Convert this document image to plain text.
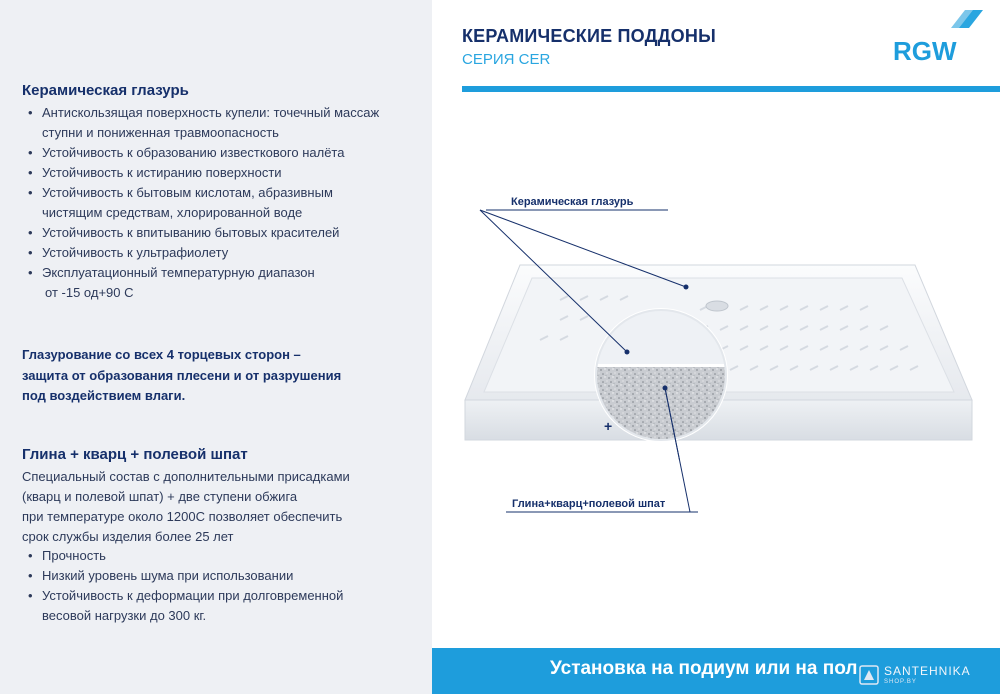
Керамическая глазурь
• Антискользящая поверхность купели: точечный массаж
ступни и пониженная травмоопасность
• Устойчивость к образованию известкового налёта
• Устойчивость к истиранию поверхности
• Устойчивость к бытовым кислотам, абразивным
чистящим средствам, хлорированной воде
• Устойчивость к впитыванию бытовых красителей
• Устойчивость к ультрафиолету
• Эксплуатационный температурную диапазон
от -15 од+90 С
Глазурование со всех 4 торцевых сторон –
защита от образования плесени и от разрушения
под воздействием влаги.
Глина + кварц + полевой шпат
Специальный состав с дополнительными присадками
(кварц и полевой шпат) + две ступени обжига
при температуре около 1200С позволяет обеспечить
срок службы изделия более 25 лет
• Прочность
• Низкий уровень шума при использовании
• Устойчивость к деформации при долговременной
весовой нагрузки до 300 кг.
КЕРАМИЧЕСКИЕ ПОДДОНЫ
СЕРИЯ CER	RGW
+
Керамическая глазурь
Глина+кварц+полевой шпат
Установка на подиум или на пол SANTEHNIKA
SHOP.BY
